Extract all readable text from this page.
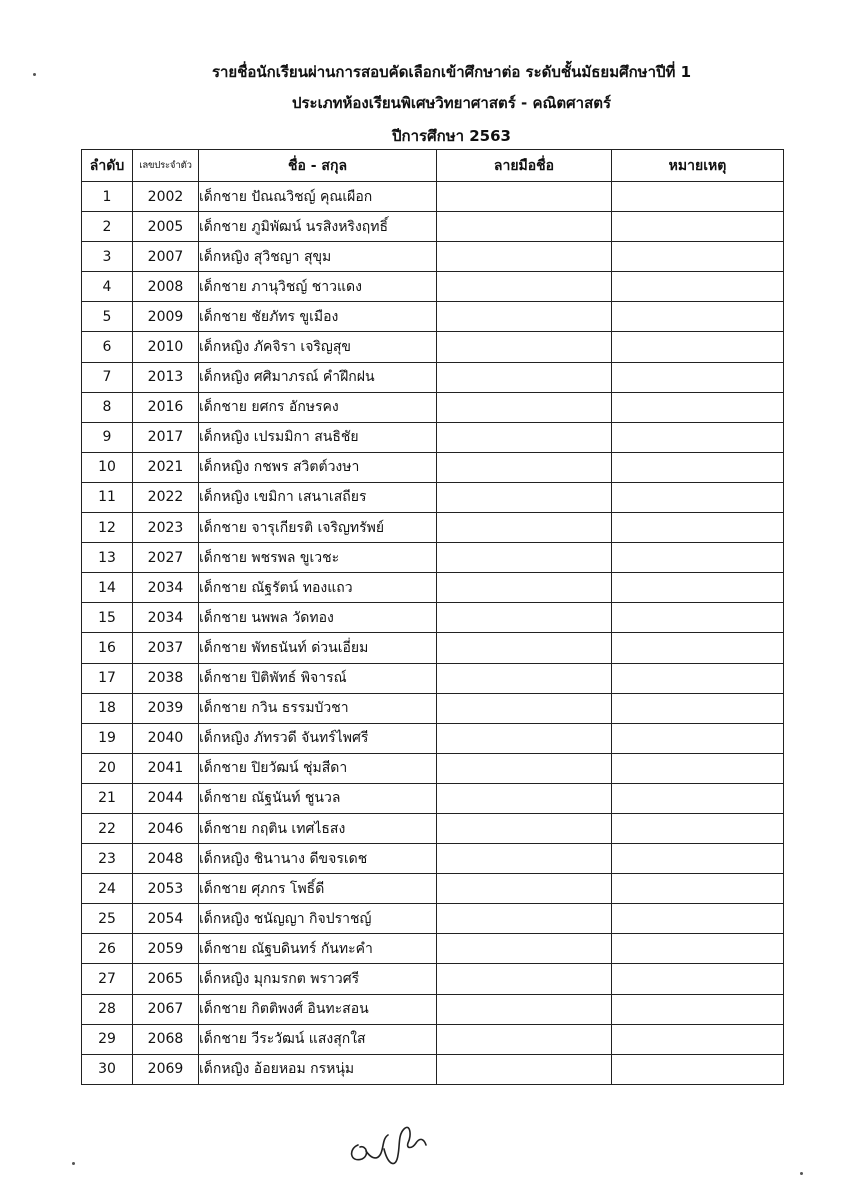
รายชื่อนักเรียนผ่านการสอบคัดเลือกเข้าศึกษาต่อ ระดับชั้นมัธยมศึกษาปีที่ 1
ประเภทห้องเรียนพิเศษวิทยาศาสตร์ - คณิตศาสตร์
ปีการศึกษา 2563
ลำดับ	เลขประจำตัว	ชื่อ - สกุล	ลายมือชื่อ	หมายเหตุ
1	2002	เด็กชาย ปัณณวิชญ์ คุณเผือก		
2	2005	เด็กชาย ภูมิพัฒน์ นรสิงหริงฤทธิ์		
3	2007	เด็กหญิง สุวิชญา สุขุม		
4	2008	เด็กชาย ภานุวิชญ์ ชาวแดง		
5	2009	เด็กชาย ชัยภัทร ขูเมือง		
6	2010	เด็กหญิง ภัคจิรา เจริญสุข		
7	2013	เด็กหญิง ศศิมาภรณ์ คำฝึกฝน		
8	2016	เด็กชาย ยศกร อักษรคง		
9	2017	เด็กหญิง เปรมมิกา สนธิชัย		
10	2021	เด็กหญิง กชพร สวิตต์วงษา		
11	2022	เด็กหญิง เขมิกา เสนาเสถียร		
12	2023	เด็กชาย จารุเกียรติ เจริญทรัพย์		
13	2027	เด็กชาย พชรพล ขูเวชะ		
14	2034	เด็กชาย ณัฐรัตน์ ทองแถว		
15	2034	เด็กชาย นพพล วัดทอง		
16	2037	เด็กชาย พัทธนันท์ ด่วนเอี่ยม		
17	2038	เด็กชาย ปิติพัทธ์ พิจารณ์		
18	2039	เด็กชาย กวิน ธรรมบัวชา		
19	2040	เด็กหญิง ภัทรวดี จันทร์ไพศรี		
20	2041	เด็กชาย ปิยวัฒน์ ชุ่มสีดา		
21	2044	เด็กชาย ณัฐนันท์ ชูนวล		
22	2046	เด็กชาย กฤติน เทศไธสง		
23	2048	เด็กหญิง ชินานาง ดีขจรเดช		
24	2053	เด็กชาย ศุภกร โพธิ์ดี		
25	2054	เด็กหญิง ชนัญญา กิจปราชญ์		
26	2059	เด็กชาย ณัฐบดินทร์ กันทะคำ		
27	2065	เด็กหญิง มุกมรกต พราวศรี		
28	2067	เด็กชาย กิตติพงศ์ อินทะสอน		
29	2068	เด็กชาย วีระวัฒน์ แสงสุกใส		
30	2069	เด็กหญิง อ้อยหอม กรหนุ่ม		
